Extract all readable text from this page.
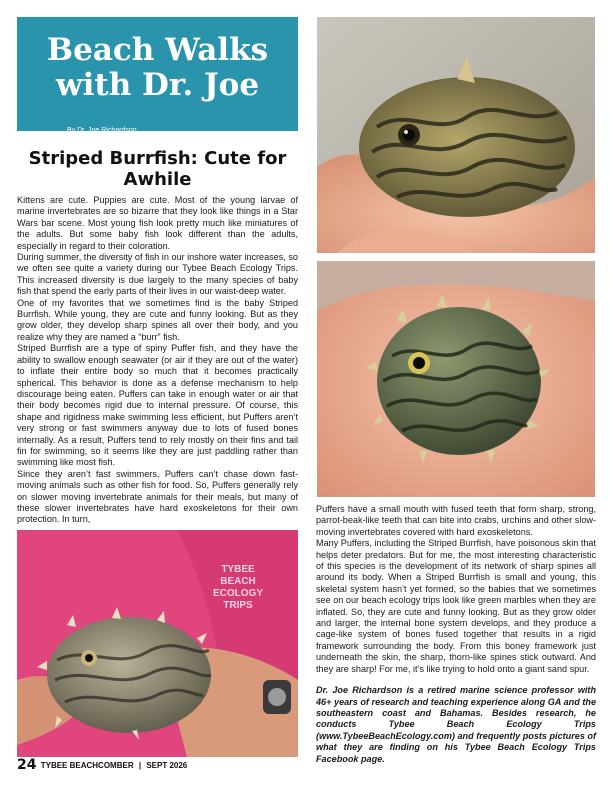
Beach Walks
with Dr. Joe
By Dr. Joe Richardson
Striped Burrfish: Cute for Awhile

Kittens are cute. Puppies are cute. Most of the young larvae of marine invertebrates are so bizarre that they look like things in a Star Wars bar scene. Most young fish look pretty much like miniatures of the adults. But some baby fish look different than the adults, especially in regard to their coloration.

During summer, the diversity of fish in our inshore water increases, so we often see quite a variety during our Tybee Beach Ecology Trips. This increased diversity is due largely to the many species of baby fish that spend the early parts of their lives in our waist-deep water.

One of my favorites that we sometimes find is the baby Striped Burrfish. While young, they are cute and funny looking. But as they grow older, they develop sharp spines all over their body, and you realize why they are named a “burr” fish.

Striped Burrfish are a type of spiny Puffer fish, and they have the ability to swallow enough seawater (or air if they are out of the water) to inflate their entire body so much that it becomes practically spherical. This behavior is done as a defense mechanism to help discourage being eaten. Puffers can take in enough water or air that their body becomes rigid due to internal pressure. Of course, this shape and rigidness make swimming less efficient, but Puffers aren’t very strong or fast swimmers anyway due to lots of fused bones internally. As a result, Puffers tend to rely mostly on their fins and tail fin for swimming, so it seems like they are just paddling rather than swimming like most fish.

Since they aren’t fast swimmers, Puffers can’t chase down fast-moving animals such as other fish for food. So, Puffers generally rely on slower moving invertebrate animals for their meals, but many of these slower invertebrates have hard exoskeletons for their own protection. In turn,

Puffers have a small mouth with fused teeth that form sharp, strong, parrot-beak-like teeth that can bite into crabs, urchins and other slow-moving invertebrates covered with hard exoskeletons.

Many Puffers, including the Striped Burrfish, have poisonous skin that helps deter predators. But for me, the most interesting characteristic of this species is the development of its network of sharp spines all around its body. When a Striped Burrfish is small and young, this skeletal system hasn’t yet formed, so the babies that we sometimes see on our beach ecology trips look like green marbles when they are inflated. So, they are cute and funny looking. But as they grow older and larger, the internal bone system develops, and they produce a cage-like system of bones fused together that results in a rigid framework surrounding the body. From this boney framework just underneath the skin, the sharp, thorn-like spines stick outward. And they are sharp! For me, it’s like trying to hold onto a giant sand spur.

Dr. Joe Richardson is a retired marine science professor with 46+ years of research and teaching experience along GA and the southeastern coast and Bahamas. Besides research, he conducts Tybee Beach Ecology Trips (www.TybeeBeachEcology.com) and frequently posts pictures of what they are finding on his Tybee Beach Ecology Trips Facebook page.

TYBEE
BEACH
ECOLOGY
TRIPS
24 TYBEE BEACHCOMBER | SEPT 2026
